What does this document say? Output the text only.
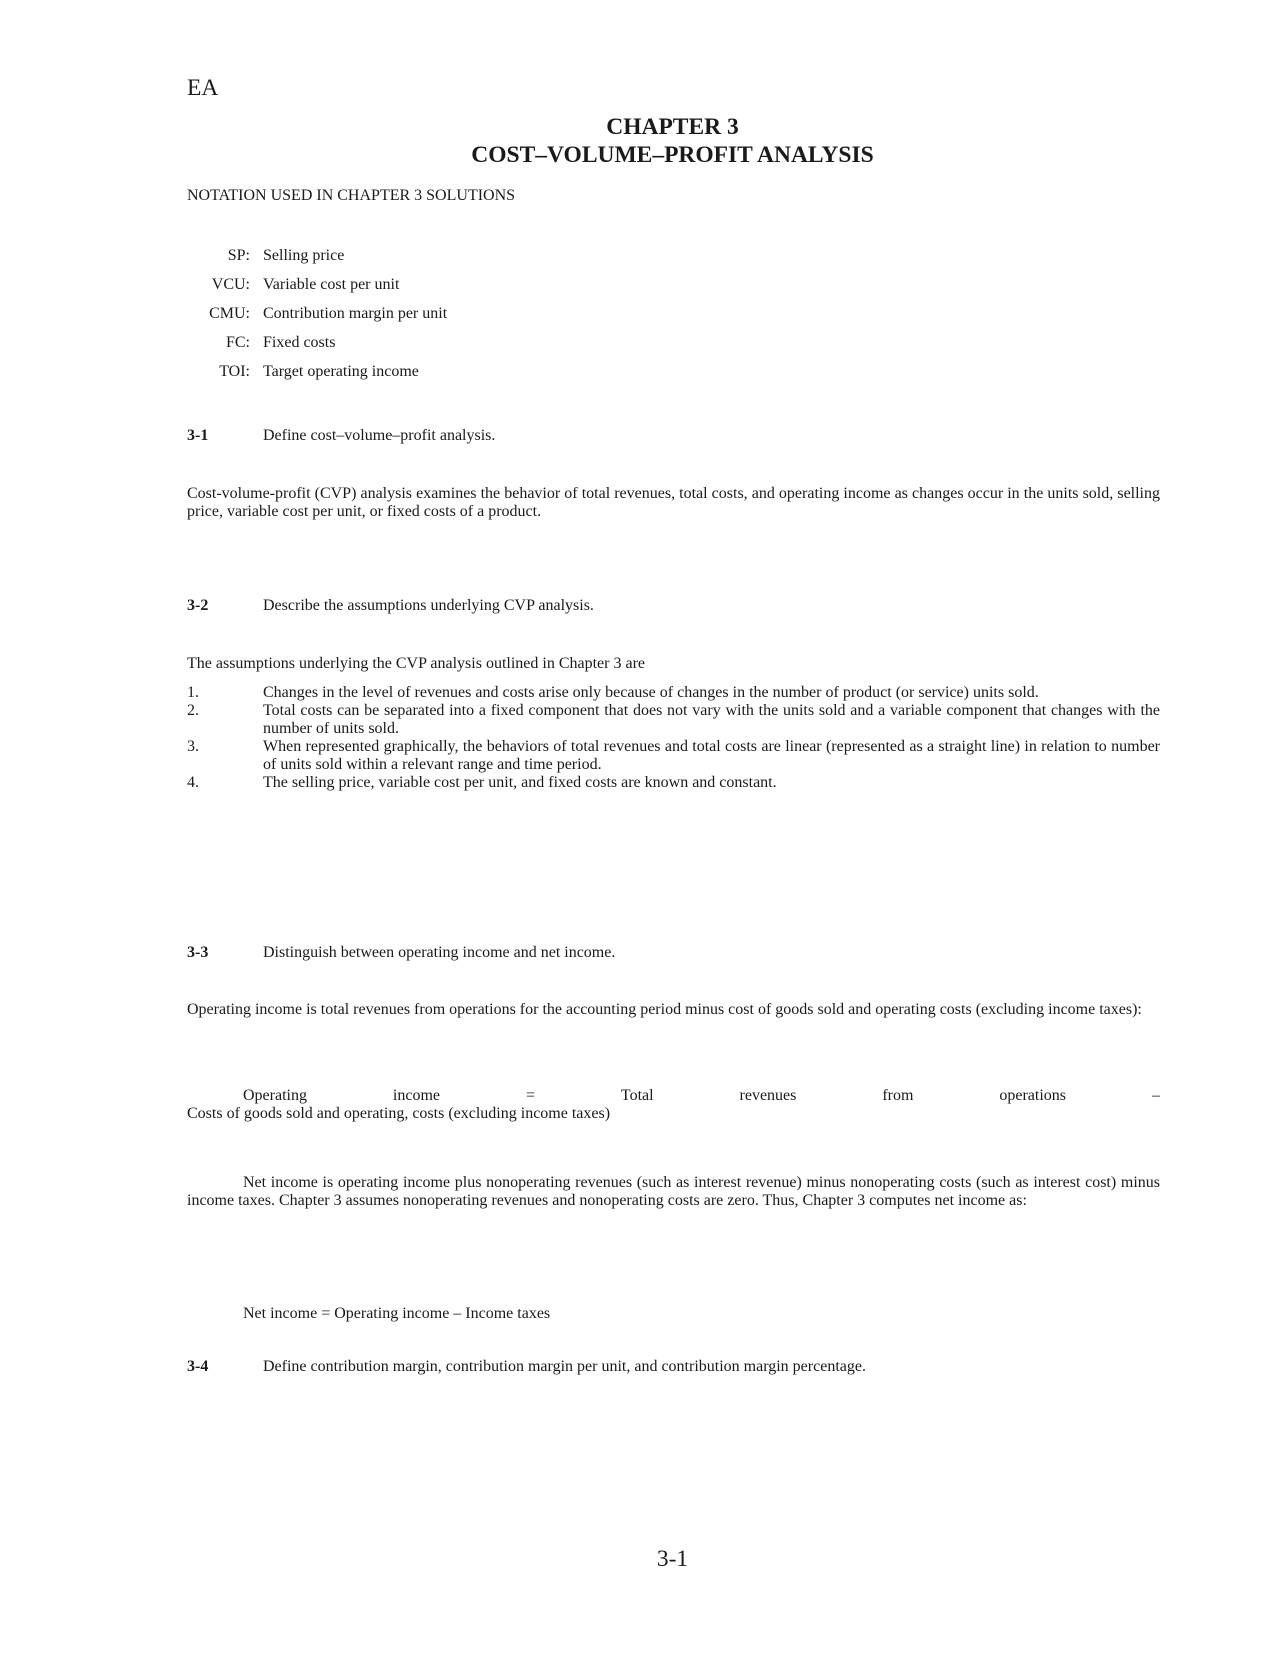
EA
CHAPTER 3
COST–VOLUME–PROFIT ANALYSIS
NOTATION USED IN CHAPTER 3 SOLUTIONS
SP: Selling price
VCU: Variable cost per unit
CMU: Contribution margin per unit
FC: Fixed costs
TOI: Target operating income
3-1	Define cost–volume–profit analysis.
Cost-volume-profit (CVP) analysis examines the behavior of total revenues, total costs, and operating income as changes occur in the units sold, selling price, variable cost per unit, or fixed costs of a product.
3-2	Describe the assumptions underlying CVP analysis.
The assumptions underlying the CVP analysis outlined in Chapter 3 are
1.	Changes in the level of revenues and costs arise only because of changes in the number of product (or service) units sold.
2.	Total costs can be separated into a fixed component that does not vary with the units sold and a variable component that changes with the number of units sold.
3.	When represented graphically, the behaviors of total revenues and total costs are linear (represented as a straight line) in relation to number of units sold within a relevant range and time period.
4.	The selling price, variable cost per unit, and fixed costs are known and constant.
3-3	Distinguish between operating income and net income.
Operating income is total revenues from operations for the accounting period minus cost of goods sold and operating costs (excluding income taxes):
Operating	income	=	Total	revenues	from	operations	–
Costs of goods sold and operating, costs (excluding income taxes)
Net income is operating income plus nonoperating revenues (such as interest revenue) minus nonoperating costs (such as interest cost) minus income taxes. Chapter 3 assumes nonoperating revenues and nonoperating costs are zero. Thus, Chapter 3 computes net income as:
Net income = Operating income – Income taxes
3-4	Define contribution margin, contribution margin per unit, and contribution margin percentage.
3-1
